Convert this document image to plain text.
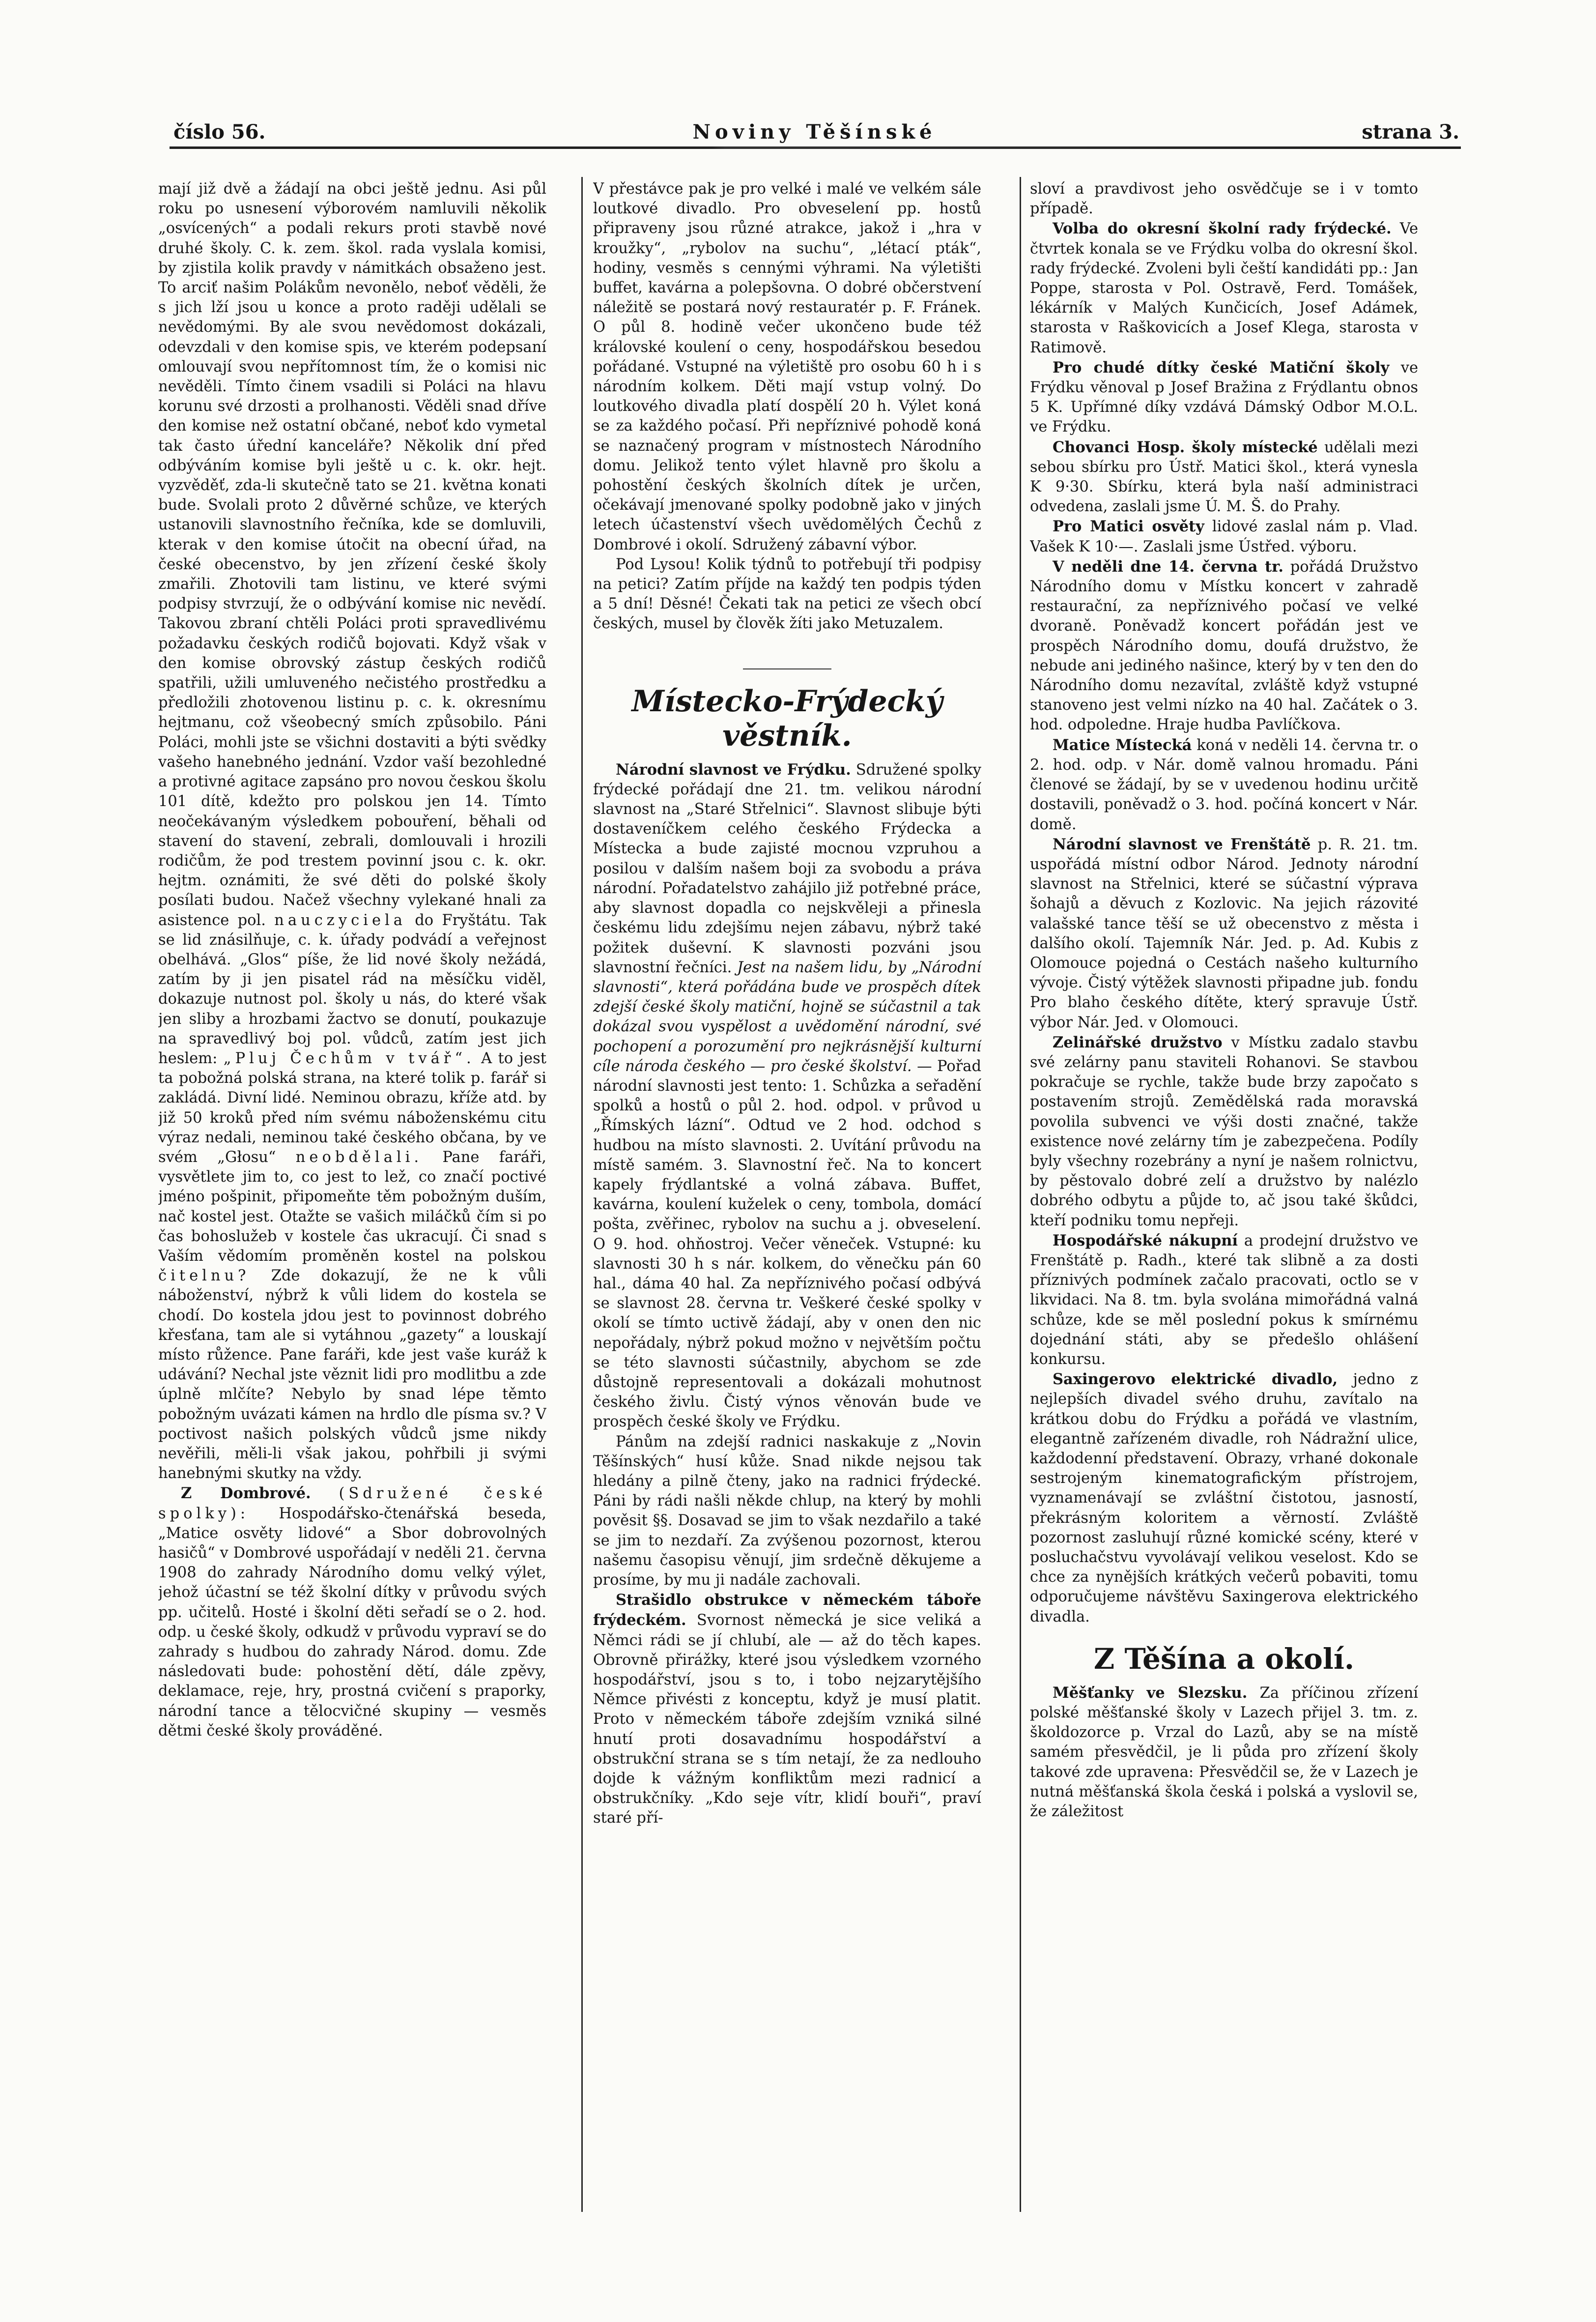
číslo 56.	Noviny Těšínské	strana 3.

mají již dvě a žádají na obci ještě jednu. Asi půl roku po usnesení výborovém namluvili několik „osvícených“ a podali rekurs proti stavbě nové druhé školy. C. k. zem. škol. rada vyslala komisi, by zjistila kolik pravdy v námitkách obsaženo jest. To arciť našim Polákům nevonělo, neboť věděli, že s jich lží jsou u konce a proto raději udělali se nevědomými. By ale svou nevědomost dokázali, odevzdali v den komise spis, ve kterém podepsaní omlouvají svou nepřítomnost tím, že o komisi nic nevěděli. Tímto činem vsadili si Poláci na hlavu korunu své drzosti a prolhanosti. Věděli snad dříve den komise než ostatní občané, neboť kdo vymetal tak často úřední kanceláře? Několik dní před odbýváním komise byli ještě u c. k. okr. hejt. vyzvěděť, zda-li skutečně tato se 21. května konati bude. Svolali proto 2 důvěrné schůze, ve kterých ustanovili slavnostního řečníka, kde se domluvili, kterak v den komise útočit na obecní úřad, na české obecenstvo, by jen zřízení české školy zmařili. Zhotovili tam listinu, ve které svými podpisy stvrzují, že o odbývání komise nic nevědí. Takovou zbraní chtěli Poláci proti spravedlivému požadavku českých rodičů bojovati. Když však v den komise obrovský zástup českých rodičů spatřili, užili umluveného nečistého prostředku a předložili zhotovenou listinu p. c. k. okresnímu hejtmanu, což všeobecný smích způsobilo. Páni Poláci, mohli jste se všichni dostaviti a býti svědky vašeho hanebného jednání. Vzdor vaší bezohledné a protivné agitace zapsáno pro novou českou školu 101 dítě, kdežto pro polskou jen 14. Tímto neočekávaným výsledkem pobouření, běhali od stavení do stavení, zebrali, domlouvali i hrozili rodičům, že pod trestem povinní jsou c. k. okr. hejtm. oznámiti, že své děti do polské školy posílati budou. Načež všechny vylekané hnali za asistence pol. nauczyciela do Fryštátu. Tak se lid znásilňuje, c. k. úřady podvádí a veřejnost obelhává. „Glos“ píše, že lid nové školy nežádá, zatím by ji jen pisatel rád na měsíčku viděl, dokazuje nutnost pol. školy u nás, do které však jen sliby a hrozbami žactvo se donutí, poukazuje na spravedlivý boj pol. vůdců, zatím jest jich heslem: „Pluj Čechům v tvář“. A to jest ta pobožná polská strana, na které tolik p. farář si zakládá. Divní lidé. Neminou obrazu, kříže atd. by již 50 kroků před ním svému náboženskému citu výraz nedali, neminou také českého občana, by ve svém „Głosu“ neobdělali. Pane faráři, vysvětlete jim to, co jest to lež, co značí poctivé jméno pošpinit, připomeňte těm pobožným duším, nač kostel jest. Otažte se vašich miláčků čím si po čas bohoslužeb v kostele čas ukracují. Či snad s Vaším vědomím proměněn kostel na polskou čitelnu? Zde dokazují, že ne k vůli náboženství, nýbrž k vůli lidem do kostela se chodí. Do kostela jdou jest to povinnost dobrého křesťana, tam ale si vytáhnou „gazety“ a louskají místo růžence. Pane faráři, kde jest vaše kuráž k udávání? Nechal jste věznit lidi pro modlitbu a zde úplně mlčíte? Nebylo by snad lépe těmto pobožným uvázati kámen na hrdlo dle písma sv.? V poctivost našich polských vůdců jsme nikdy nevěřili, měli-li však jakou, pohřbili ji svými hanebnými skutky na vždy.

Z Dombrové. (Sdružené české spolky): Hospodářsko-čtenářská beseda, „Matice osvěty lidové“ a Sbor dobrovolných hasičů“ v Dombrové uspořádají v neděli 21. června 1908 do zahrady Národního domu velký výlet, jehož účastní se též školní dítky v průvodu svých pp. učitelů. Hosté i školní děti seřadí se o 2. hod. odp. u české školy, odkudž v průvodu vypraví se do zahrady s hudbou do zahrady Národ. domu. Zde následovati bude: pohostění dětí, dále zpěvy, deklamace, reje, hry, prostná cvičení s praporky, národní tance a tělocvičné skupiny — vesměs dětmi české školy prováděné.

V přestávce pak je pro velké i malé ve velkém sále loutkové divadlo. Pro obveselení pp. hostů připraveny jsou různé atrakce, jakož i „hra v kroužky“, „rybolov na suchu“, „létací pták“, hodiny, vesměs s cennými výhrami. Na výletišti buffet, kavárna a polepšovna. O dobré občerstvení náležitě se postará nový restauratér p. F. Fránek. O půl 8. hodině večer ukončeno bude též královské koulení o ceny, hospodářskou besedou pořádané. Vstupné na výletiště pro osobu 60 h i s národním kolkem. Děti mají vstup volný. Do loutkového divadla platí dospělí 20 h. Výlet koná se za každého počasí. Při nepříznivé pohodě koná se naznačený program v místnostech Národního domu. Jelikož tento výlet hlavně pro školu a pohostění českých školních dítek je určen, očekávají jmenované spolky podobně jako v jiných letech účastenství všech uvědomělých Čechů z Dombrové i okolí. Sdružený zábavní výbor.

Pod Lysou! Kolik týdnů to potřebují tři podpisy na petici? Zatím příjde na každý ten podpis týden a 5 dní! Děsné! Čekati tak na petici ze všech obcí českých, musel by člověk žíti jako Metuzalem.

Místecko-Frýdecký věstník.

Národní slavnost ve Frýdku. Sdružené spolky frýdecké pořádají dne 21. tm. velikou národní slavnost na „Staré Střelnici“. Slavnost slibuje býti dostaveníčkem celého českého Frýdecka a Místecka a bude zajisté mocnou vzpruhou a posilou v dalším našem boji za svobodu a práva národní. Pořadatelstvo zahájilo již potřebné práce, aby slavnost dopadla co nejskvěleji a přinesla českému lidu zdejšímu nejen zábavu, nýbrž také požitek duševní. K slavnosti pozváni jsou slavnostní řečníci. Jest na našem lidu, by „Národní slavnosti“, která pořádána bude ve prospěch dítek zdejší české školy matiční, hojně se súčastnil a tak dokázal svou vyspělost a uvědomění národní, své pochopení a porozumění pro nejkrásnější kulturní cíle národa českého — pro české školství. — Pořad národní slavnosti jest tento: 1. Schůzka a seřadění spolků a hostů o půl 2. hod. odpol. v průvod u „Římských lázní“. Odtud ve 2 hod. odchod s hudbou na místo slavnosti. 2. Uvítání průvodu na místě samém. 3. Slavnostní řeč. Na to koncert kapely frýdlantské a volná zábava. Buffet, kavárna, koulení kuželek o ceny, tombola, domácí pošta, zvěřinec, rybolov na suchu a j. obveselení. O 9. hod. ohňostroj. Večer věneček. Vstupné: ku slavnosti 30 h s nár. kolkem, do věnečku pán 60 hal., dáma 40 hal. Za nepříznivého počasí odbývá se slavnost 28. června tr. Veškeré české spolky v okolí se tímto uctivě žádají, aby v onen den nic nepořádaly, nýbrž pokud možno v největším počtu se této slavnosti súčastnily, abychom se zde důstojně representovali a dokázali mohutnost českého živlu. Čistý výnos věnován bude ve prospěch české školy ve Frýdku.

Pánům na zdejší radnici naskakuje z „Novin Těšínských“ husí kůže. Snad nikde nejsou tak hledány a pilně čteny, jako na radnici frýdecké. Páni by rádi našli někde chlup, na který by mohli pověsit §§. Dosavad se jim to však nezdařilo a také se jim to nezdaří. Za zvýšenou pozornost, kterou našemu časopisu věnují, jim srdečně děkujeme a prosíme, by mu ji nadále zachovali.

Strašidlo obstrukce v německém táboře frýdeckém. Svornost německá je sice veliká a Němci rádi se jí chlubí, ale — až do těch kapes. Obrovně přirážky, které jsou výsledkem vzorného hospodářství, jsou s to, i tobo nejzarytějšího Němce přivésti z konceptu, když je musí platit. Proto v německém táboře zdejším vzniká silné hnutí proti dosavadnímu hospodářství a obstrukční strana se s tím netají, že za nedlouho dojde k vážným konfliktům mezi radnicí a obstrukčníky. „Kdo seje vítr, klidí bouři“, praví staré pří-

sloví a pravdivost jeho osvědčuje se i v tomto případě.

Volba do okresní školní rady frýdecké. Ve čtvrtek konala se ve Frýdku volba do okresní škol. rady frýdecké. Zvoleni byli čeští kandidáti pp.: Jan Poppe, starosta v Pol. Ostravě, Ferd. Tomášek, lékárník v Malých Kunčicích, Josef Adámek, starosta v Raškovicích a Josef Klega, starosta v Ratimově.

Pro chudé dítky české Matiční školy ve Frýdku věnoval p Josef Bražina z Frýdlantu obnos 5 K. Upřímné díky vzdává Dámský Odbor M.O.L. ve Frýdku.

Chovanci Hosp. školy místecké udělali mezi sebou sbírku pro Ústř. Matici škol., která vynesla K 9·30. Sbírku, která byla naší administraci odvedena, zaslali jsme Ú. M. Š. do Prahy.

Pro Matici osvěty lidové zaslal nám p. Vlad. Vašek K 10·—. Zaslali jsme Ústřed. výboru.

V neděli dne 14. června tr. pořádá Družstvo Národního domu v Místku koncert v zahradě restaurační, za nepříznivého počasí ve velké dvoraně. Poněvadž koncert pořádán jest ve prospěch Národního domu, doufá družstvo, že nebude ani jediného našince, který by v ten den do Národního domu nezavítal, zvláště když vstupné stanoveno jest velmi nízko na 40 hal. Začátek o 3. hod. odpoledne. Hraje hudba Pavlíčkova.

Matice Místecká koná v neděli 14. června tr. o 2. hod. odp. v Nár. domě valnou hromadu. Páni členové se žádají, by se v uvedenou hodinu určitě dostavili, poněvadž o 3. hod. počíná koncert v Nár. domě.

Národní slavnost ve Frenštátě p. R. 21. tm. uspořádá místní odbor Národ. Jednoty národní slavnost na Střelnici, které se súčastní výprava šohajů a děvuch z Kozlovic. Na jejich rázovité valašské tance těší se už obecenstvo z města i dalšího okolí. Tajemník Nár. Jed. p. Ad. Kubis z Olomouce pojedná o Cestách našeho kulturního vývoje. Čistý výtěžek slavnosti připadne jub. fondu Pro blaho českého dítěte, který spravuje Ústř. výbor Nár. Jed. v Olomouci.

Zelinářské družstvo v Místku zadalo stavbu své zelárny panu staviteli Rohanovi. Se stavbou pokračuje se rychle, takže bude brzy započato s postavením strojů. Zemědělská rada moravská povolila subvenci ve výši dosti značné, takže existence nové zelárny tím je zabezpečena. Podíly byly všechny rozebrány a nyní je našem rolnictvu, by pěstovalo dobré zelí a družstvo by nalézlo dobrého odbytu a půjde to, ač jsou také škůdci, kteří podniku tomu nepřeji.

Hospodářské nákupní a prodejní družstvo ve Frenštátě p. Radh., které tak slibně a za dosti příznivých podmínek začalo pracovati, octlo se v likvidaci. Na 8. tm. byla svolána mimořádná valná schůze, kde se měl poslední pokus k smírnému dojednání státi, aby se předešlo ohlášení konkursu.

Saxingerovo elektrické divadlo, jedno z nejlepších divadel svého druhu, zavítalo na krátkou dobu do Frýdku a pořádá ve vlastním, elegantně zařízeném divadle, roh Nádražní ulice, každodenní představení. Obrazy, vrhané dokonale sestrojeným kinematografickým přístrojem, vyznamenávají se zvláštní čistotou, jasností, překrásným koloritem a věrností. Zvláště pozornost zasluhují různé komické scény, které v posluchačstvu vyvolávají velikou veselost. Kdo se chce za nynějších krátkých večerů pobaviti, tomu odporučujeme návštěvu Saxingerova elektrického divadla.

Z Těšína a okolí.

Měšťanky ve Slezsku. Za příčinou zřízení polské měšťanské školy v Lazech přijel 3. tm. z. školdozorce p. Vrzal do Lazů, aby se na místě samém přesvědčil, je li půda pro zřízení školy takové zde upravena: Přesvědčil se, že v Lazech je nutná měšťanská škola česká i polská a vyslovil se, že záležitost
